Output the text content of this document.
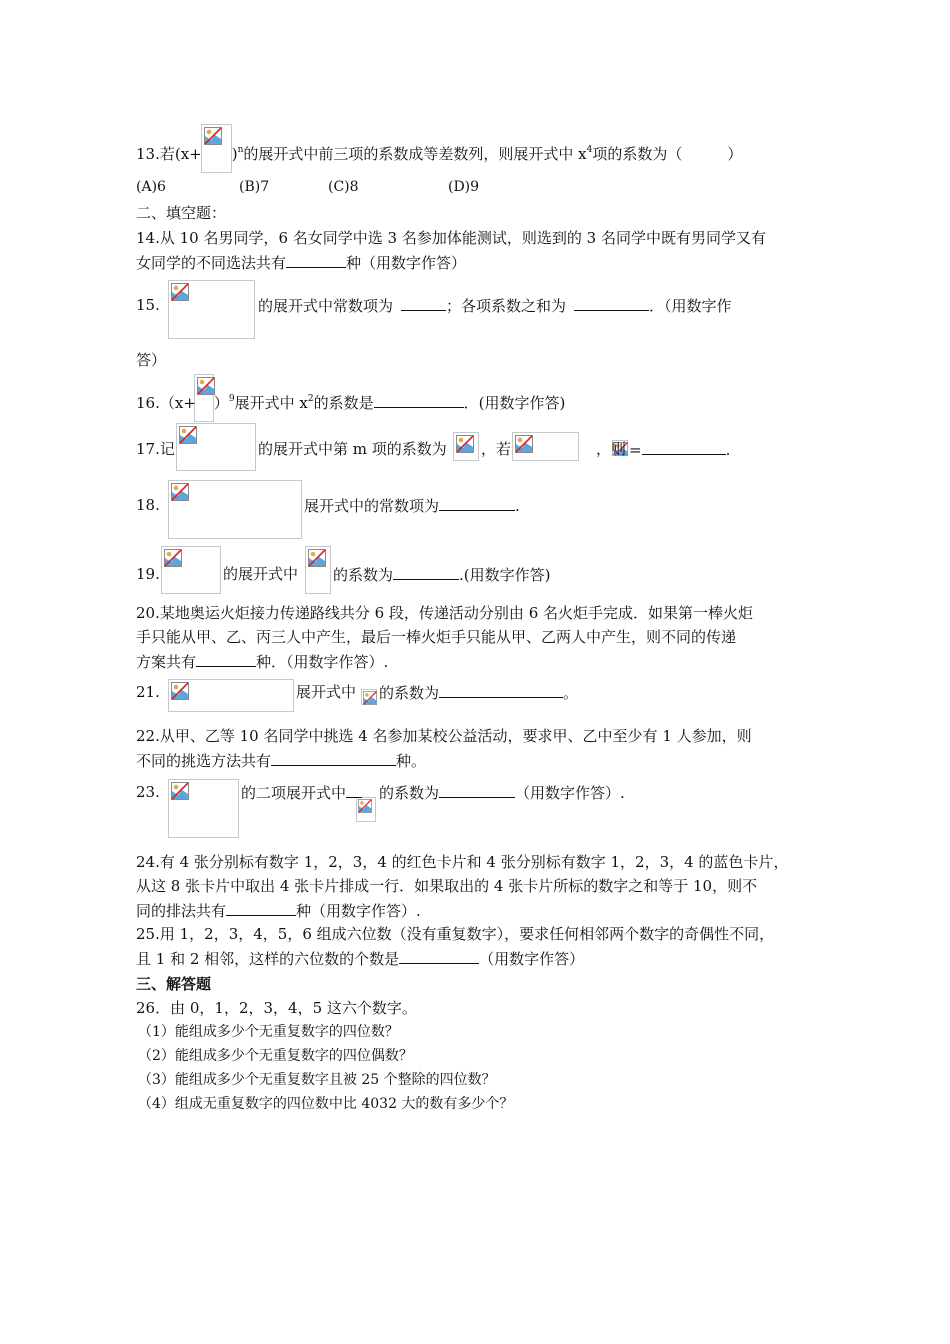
13.若$(x+ )^n$的展开式中前三项的系数成等差数列，则展开式中 $x^4$项的系数为（　　　）
(A)6	(B)7	(C)8	(D)9
二、填空题：
14.从 10 名男同学，6 名女同学中选 3 名参加体能测试，则选到的 3 名同学中既有男同学又有
女同学的不同选法共有	种（用数字作答）
15.	的展开式中常数项为	；各项系数之和为	．（用数字作
答）
$16.(x+ )^9$展开式中 $x^2$的系数是	．(用数字作答)
17.记	的展开式中第 m 项的系数为 ，若	，则 =	.
18.	展开式中的常数项为	.
19.	的展开式中 的系数为	.(用数字作答)
20.某地奥运火炬接力传递路线共分 6 段，传递活动分别由 6 名火炬手完成．如果第一棒火炬
手只能从甲、乙、丙三人中产生，最后一棒火炬手只能从甲、乙两人中产生，则不同的传递
方案共有	种．（用数字作答）.
21.	展开式中 的系数为	。
22.从甲、乙等 10 名同学中挑选 4 名参加某校公益活动，要求甲、乙中至少有 1 人参加，则
不同的挑选方法共有	种。
23.	的二项展开式中	的系数为	（用数字作答）.
24.有 4 张分别标有数字 1，2，3，4 的红色卡片和 4 张分别标有数字 1，2，3，4 的蓝色卡片，
从这 8 张卡片中取出 4 张卡片排成一行．如果取出的 4 张卡片所标的数字之和等于 10，则不
同的排法共有	种（用数字作答）.
25.用 1，2，3，4，5，6 组成六位数（没有重复数字），要求任何相邻两个数字的奇偶性不同，
且 1 和 2 相邻，这样的六位数的个数是	（用数字作答）
三、解答题
26．由 0，1，2，3，4，5 这六个数字。
（1）能组成多少个无重复数字的四位数？
（2）能组成多少个无重复数字的四位偶数？
（3）能组成多少个无重复数字且被 25 个整除的四位数？
（4）组成无重复数字的四位数中比 4032 大的数有多少个？
